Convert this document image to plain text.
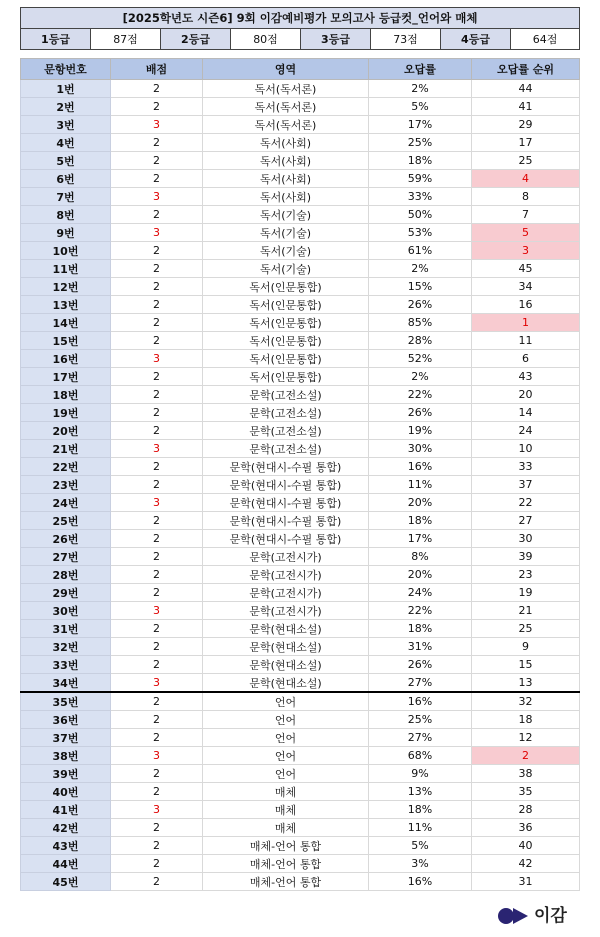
[2025학년도 시즌6] 9회 이감예비평가 모의고사 등급컷_언어와 매체
1등급	87점	2등급	80점	3등급	73점	4등급	64점
문항번호	배점	영역	오답률	오답률 순위
1번	2	독서(독서론)	2%	44
2번	2	독서(독서론)	5%	41
3번	3	독서(독서론)	17%	29
4번	2	독서(사회)	25%	17
5번	2	독서(사회)	18%	25
6번	2	독서(사회)	59%	4
7번	3	독서(사회)	33%	8
8번	2	독서(기술)	50%	7
9번	3	독서(기술)	53%	5
10번	2	독서(기술)	61%	3
11번	2	독서(기술)	2%	45
12번	2	독서(인문통합)	15%	34
13번	2	독서(인문통합)	26%	16
14번	2	독서(인문통합)	85%	1
15번	2	독서(인문통합)	28%	11
16번	3	독서(인문통합)	52%	6
17번	2	독서(인문통합)	2%	43
18번	2	문학(고전소설)	22%	20
19번	2	문학(고전소설)	26%	14
20번	2	문학(고전소설)	19%	24
21번	3	문학(고전소설)	30%	10
22번	2	문학(현대시-수필 통합)	16%	33
23번	2	문학(현대시-수필 통합)	11%	37
24번	3	문학(현대시-수필 통합)	20%	22
25번	2	문학(현대시-수필 통합)	18%	27
26번	2	문학(현대시-수필 통합)	17%	30
27번	2	문학(고전시가)	8%	39
28번	2	문학(고전시가)	20%	23
29번	2	문학(고전시가)	24%	19
30번	3	문학(고전시가)	22%	21
31번	2	문학(현대소설)	18%	25
32번	2	문학(현대소설)	31%	9
33번	2	문학(현대소설)	26%	15
34번	3	문학(현대소설)	27%	13
35번	2	언어	16%	32
36번	2	언어	25%	18
37번	2	언어	27%	12
38번	3	언어	68%	2
39번	2	언어	9%	38
40번	2	매체	13%	35
41번	3	매체	18%	28
42번	2	매체	11%	36
43번	2	매체-언어 통합	5%	40
44번	2	매체-언어 통합	3%	42
45번	2	매체-언어 통합	16%	31
이감
